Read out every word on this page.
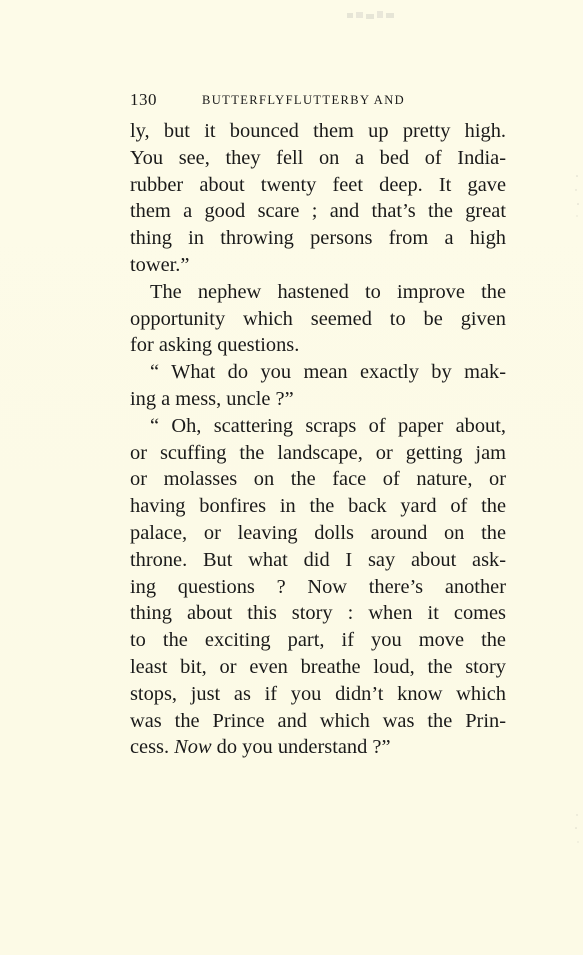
130	BUTTERFLYFLUTTERBY AND
ly, but it bounced them up pretty high.
You see, they fell on a bed of India-
rubber about twenty feet deep. It gave
them a good scare ; and that’s the great
thing in throwing persons from a high
tower.”
The nephew hastened to improve the
opportunity which seemed to be given
for asking questions.
“ What do you mean exactly by mak-
ing a mess, uncle ?”
“ Oh, scattering scraps of paper about,
or scuffing the landscape, or getting jam
or molasses on the face of nature, or
having bonfires in the back yard of the
palace, or leaving dolls around on the
throne. But what did I say about ask-
ing questions ? Now there’s another
thing about this story : when it comes
to the exciting part, if you move the
least bit, or even breathe loud, the story
stops, just as if you didn’t know which
was the Prince and which was the Prin-
cess. Now do you understand ?”
